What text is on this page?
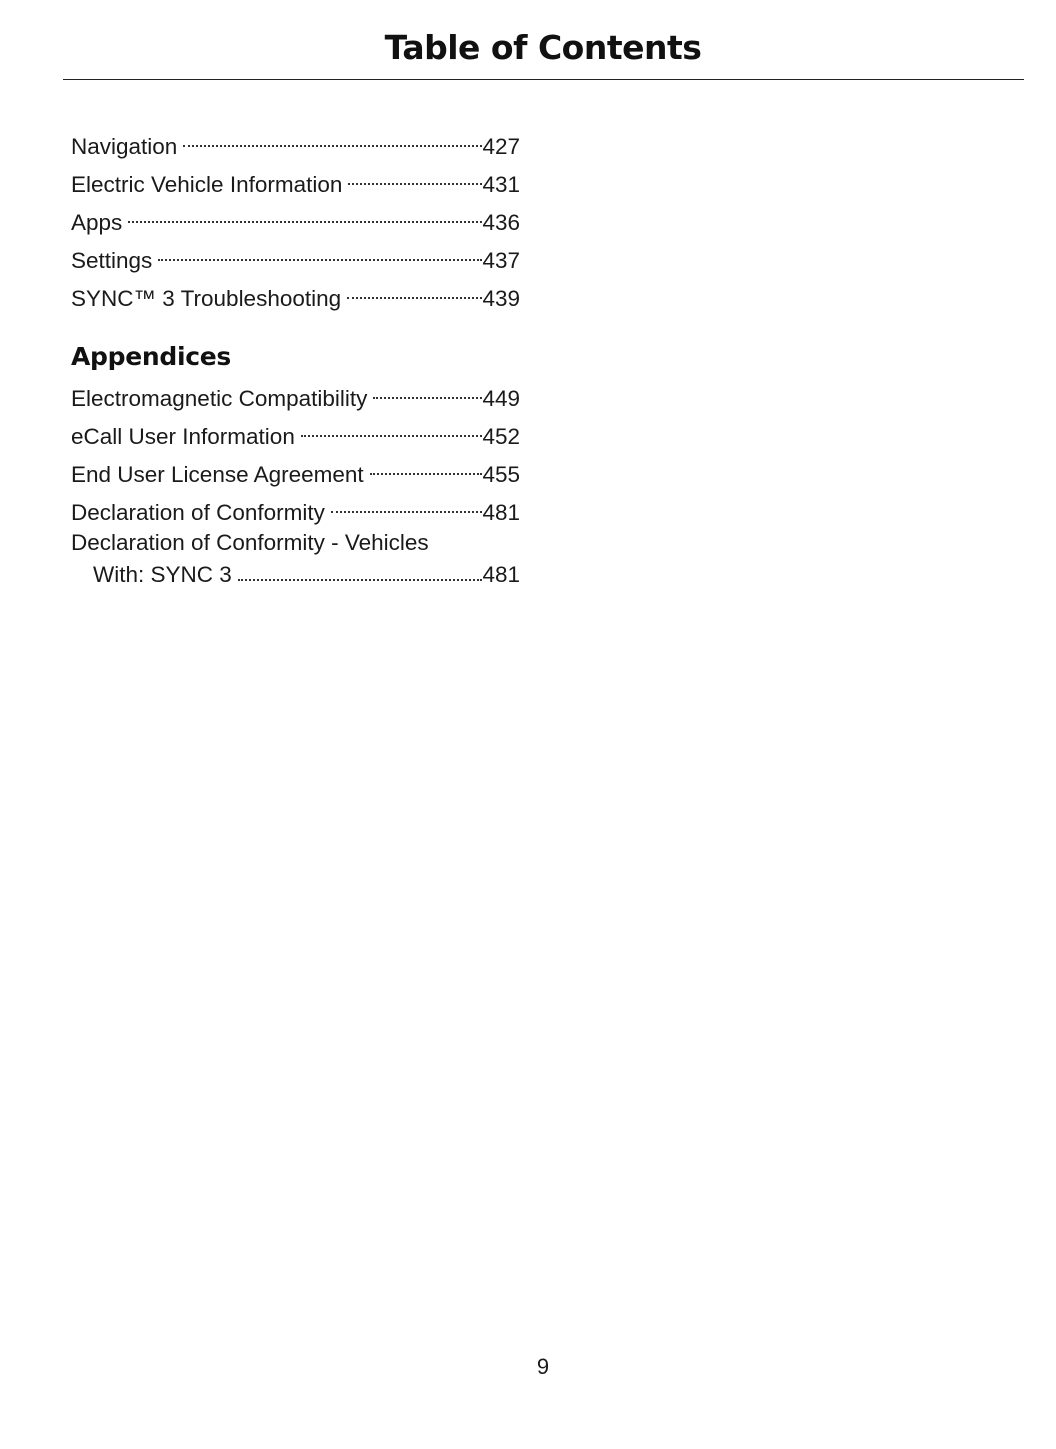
Table of Contents
Navigation	427
Electric Vehicle Information	431
Apps	436
Settings	437
SYNC™ 3 Troubleshooting	439
Appendices
Electromagnetic Compatibility	449
eCall User Information	452
End User License Agreement	455
Declaration of Conformity	481
Declaration of Conformity - Vehicles
With: SYNC 3	481
9
